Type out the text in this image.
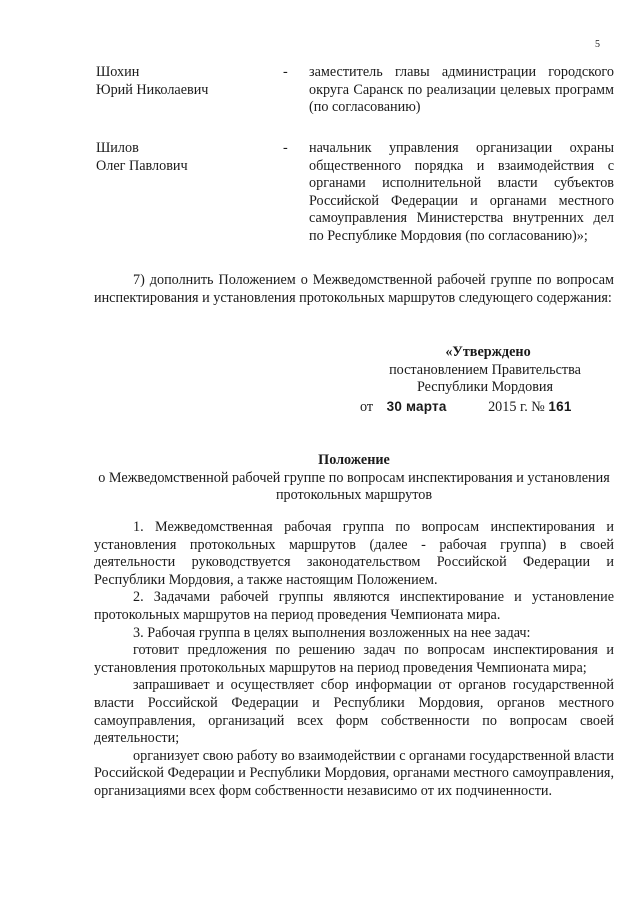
5
Шохин
Юрий Николаевич
- заместитель главы администрации городского округа Саранск по реализации целевых программ (по согласованию)
Шилов
Олег Павлович
- начальник управления организации охраны общественного порядка и взаимодействия с органами исполнительной власти субъектов Российской Федерации и органами местного самоуправления Министерства внутренних дел по Республике Мордовия (по согласованию)»;
7) дополнить Положением о Межведомственной рабочей группе по вопросам инспектирования и установления протокольных маршрутов следующего содержания:
«Утверждено
постановлением Правительства
Республики Мордовия
от 30 марта	2015 г. № 161
Положение
о Межведомственной рабочей группе по вопросам инспектирования и установления протокольных маршрутов

1. Межведомственная рабочая группа по вопросам инспектирования и установления протокольных маршрутов (далее - рабочая группа) в своей деятельности руководствуется законодательством Российской Федерации и Республики Мордовия, а также настоящим Положением.

2. Задачами рабочей группы являются инспектирование и установление протокольных маршрутов на период проведения Чемпионата мира.

3. Рабочая группа в целях выполнения возложенных на нее задач:

готовит предложения по решению задач по вопросам инспектирования и установления протокольных маршрутов на период проведения Чемпионата мира;

запрашивает и осуществляет сбор информации от органов государственной власти Российской Федерации и Республики Мордовия, органов местного самоуправления, организаций всех форм собственности по вопросам своей деятельности;

организует свою работу во взаимодействии с органами государственной власти Российской Федерации и Республики Мордовия, органами местного самоуправления, организациями всех форм собственности независимо от их подчиненности.
